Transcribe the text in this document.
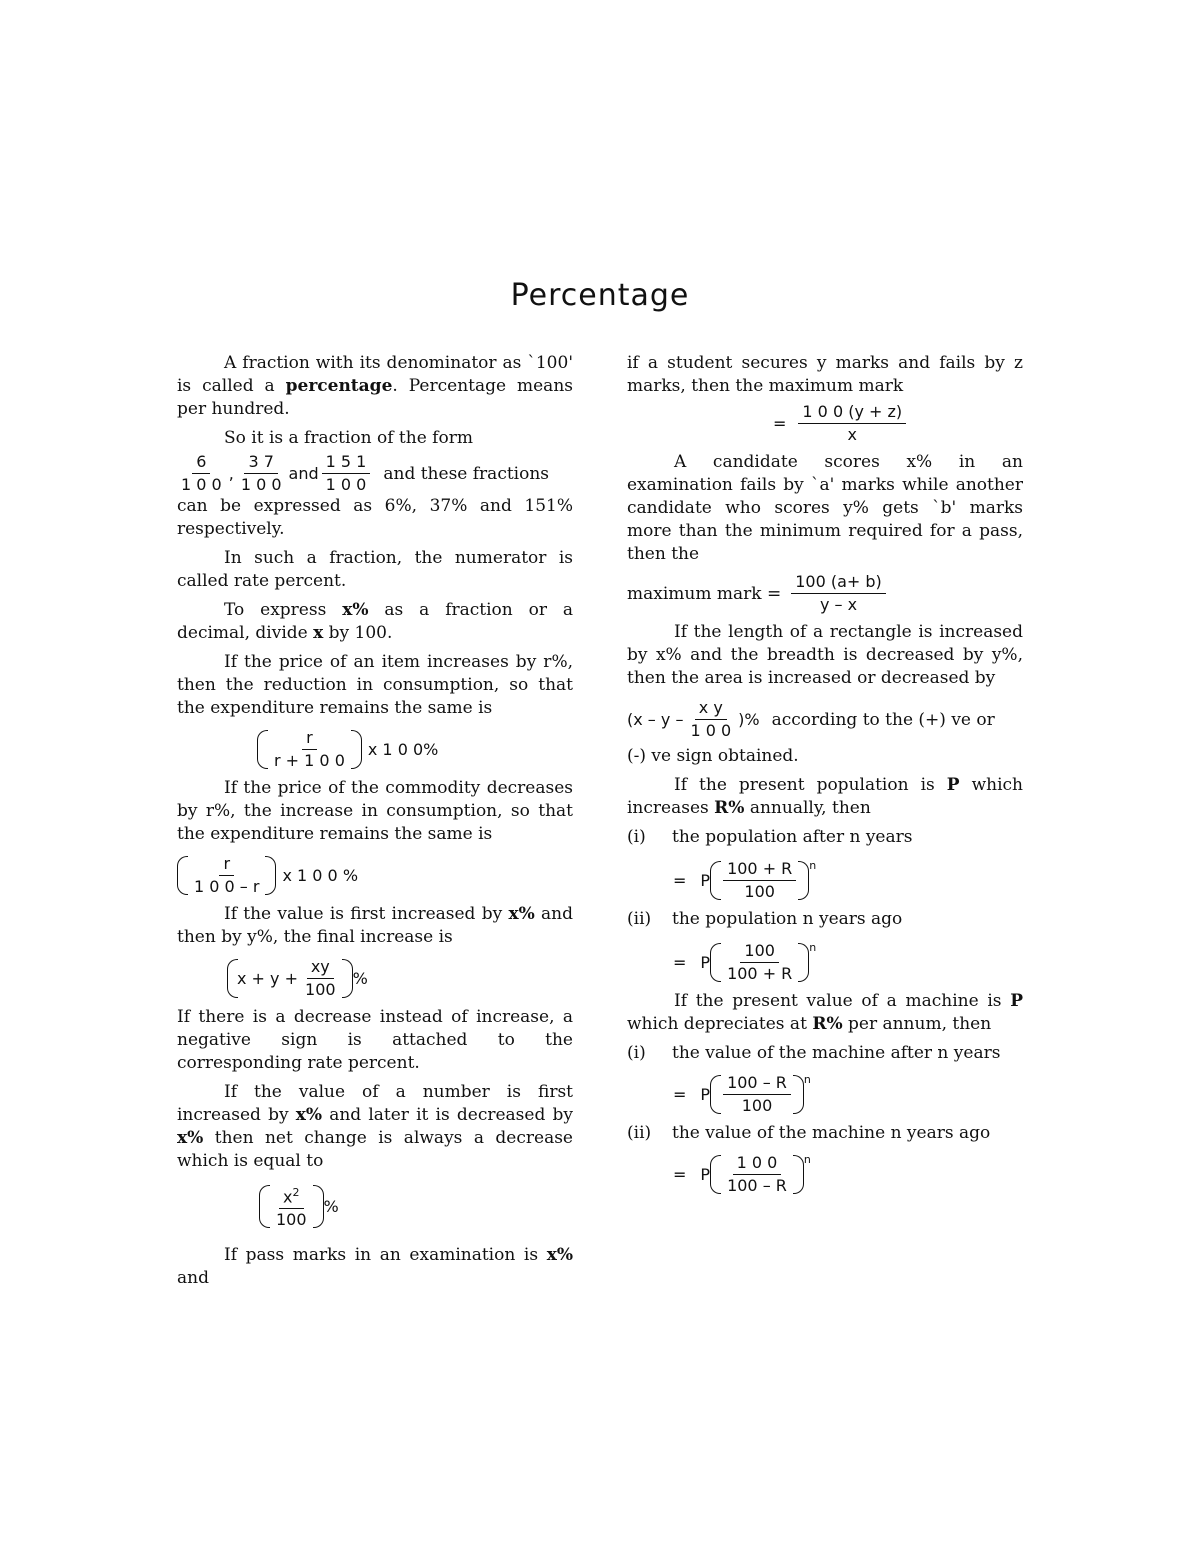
Percentage

A fraction with its denominator as `100' is called a percentage. Percentage means per hundred.

So it is a fraction of the form

$\frac{6}{1 0 0}$ , $\frac{3 7}{1 0 0}$ and $\frac{1 5 1}{1 0 0}$ and these fractions

can be expressed as 6%, 37% and 151% respectively.

In such a fraction, the numerator is called rate percent.

To express x% as a fraction or a decimal, divide x by 100.

If the price of an item increases by r%, then the reduction in consumption, so that the expenditure remains the same is

$\frac{r}{r + 1 0 0}$ x 1 0 0%

If the price of the commodity decreases by r%, the increase in consumption, so that the expenditure remains the same is

$\frac{r}{1 0 0 - r}$ x 1 0 0 %

If the value is first increased by x% and then by y%, the final increase is

$x + y + \frac{xy}{100}$ %

If there is a decrease instead of increase, a negative sign is attached to the corresponding rate percent.

If the value of a number is first increased by x% and later it is decreased by x% then net change is always a decrease which is equal to

$\frac{x^2}{100}$ %

If pass marks in an examination is x% and

if a student secures y marks and fails by z marks, then the maximum mark

= $\frac{1 0 0 (y + z)}{x}$

A candidate scores x% in an examination fails by `a' marks while another candidate who scores y% gets `b' marks more than the minimum required for a pass, then the

maximum mark = $\frac{100 (a+ b)}{y - x}$

If the length of a rectangle is increased by x% and the breadth is decreased by y%, then the area is increased or decreased by

(x – y – $\frac{\text{x y}}{1 0 0}$ )% according to the (+) ve or

(-) ve sign obtained.

If the present population is P which increases R% annually, then

(i)	the population after n years
= P $\frac{100 + R}{100} ^n$
(ii)	the population n years ago
= P $\frac{100}{100 + R} ^n$

If the present value of a machine is P which depreciates at R% per annum, then

(i)	the value of the machine after n years
= P $\frac{100 - R}{100} ^n$
(ii)	the value of the machine n years ago
= P $\frac{1 0 0}{100 - R} ^n$
